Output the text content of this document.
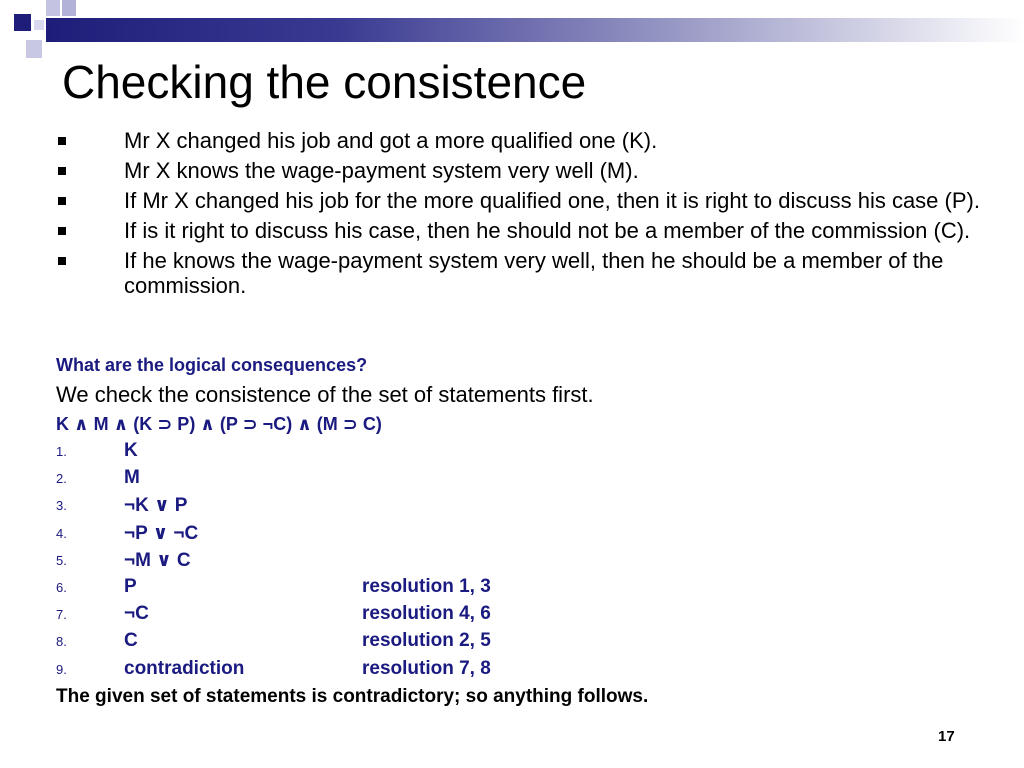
Checking the consistence
Mr X changed his job and got a more qualified one (K).
Mr X knows the wage-payment system very well (M).
If Mr X changed his job for the more qualified one, then it is right to discuss his case (P).
If is it right to discuss his case, then he should not be a member of the commission (C).
If he knows the wage-payment system very well, then he should be a member of the commission.
What are the logical consequences?
We check the consistence of the set of statements first.
K ∧ M ∧ (K ⊃ P) ∧ (P ⊃ ¬C) ∧ (M ⊃ C)
1.	K
2.	M
3.	¬K ∨ P
4.	¬P ∨ ¬C
5.	¬M ∨ C
6.	P	resolution 1, 3
7.	¬C	resolution 4, 6
8.	C	resolution 2, 5
9.	contradiction	resolution 7, 8
The given set of statements is contradictory; so anything follows.
17
